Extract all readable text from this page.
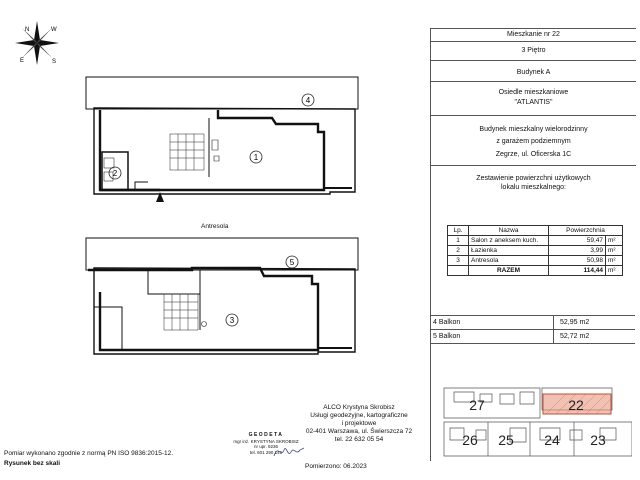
N	W
E	S
1
2
4
Antresola
3
5
Mieszkanie nr 22
3 Piętro
Budynek A
Osiedle mieszkaniowe
"ATLANTIS"
Budynek mieszkalny wielorodzinny
z garażem podziemnym
Zegrze, ul. Oficerska 1C
Zestawienie powierzchni użytkowych
lokalu mieszkalnego:
Lp.	Nazwa	Powierzchnia	
1	Salon z aneksem kuch.	59,47	m²
2	Łazienka	3,99	m²
3	Antresola	50,98	m²
	RAZEM	114,44	m²
4 Balkon	52,95 m2
5 Balkon	52,72 m2
27	22
26 25 24 23
ALCO Krystyna Skrobisz
Usługi geodezyjne, kartograficzne
i projektowe
02-401 Warszawa, ul. Świerszcza 72
tel. 22 632 05 54
GEODETA
mgr inż. KRYSTYNA SKROBISZ
nr upr. 9236
tel. 601 290 145
Pomiar wykonano zgodnie z normą PN ISO 9836:2015-12.
Rysunek bez skali	Pomierzono: 06.2023
